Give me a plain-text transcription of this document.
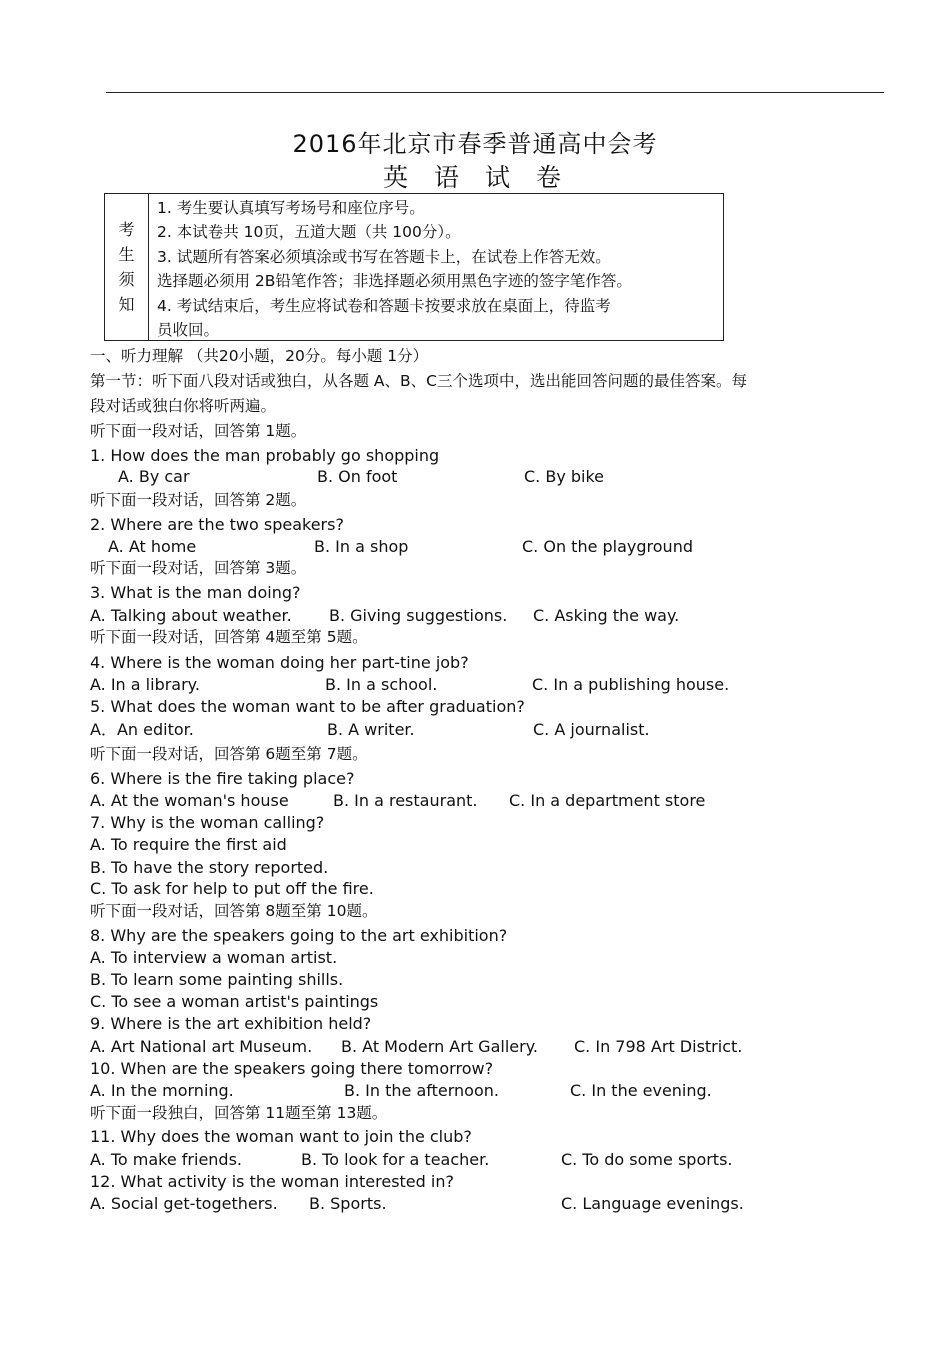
2016年北京市春季普通高中会考
英语试卷
考
生
须
知
1. 考生要认真填写考场号和座位序号。
2. 本试卷共 10页，五道大题（共 100分）。
3. 试题所有答案必须填涂或书写在答题卡上，在试卷上作答无效。
选择题必须用 2B铅笔作答；非选择题必须用黑色字迹的签字笔作答。
4. 考试结束后，考生应将试卷和答题卡按要求放在桌面上，待监考
员收回。
一、听力理解 （共20小题，20分。每小题 1分）
第一节：听下面八段对话或独白，从各题 A、B、C三个选项中，选出能回答问题的最佳答案。每
段对话或独白你将听两遍。
听下面一段对话，回答第 1题。
1. How does the man probably go shopping
A. By car	B. On foot	C. By bike
听下面一段对话，回答第 2题。
2. Where are the two speakers?
A. At home	B. In a shop	C. On the playground
听下面一段对话，回答第 3题。
3. What is the man doing?
A. Talking about weather. B. Giving suggestions. C. Asking the way.
听下面一段对话，回答第 4题至第 5题。
4. Where is the woman doing her part-tine job?
A. In a library.	B. In a school.	C. In a publishing house.
5. What does the woman want to be after graduation?
A．An editor.	B. A writer.	C. A journalist.
听下面一段对话，回答第 6题至第 7题。
6. Where is the fire taking place?
A. At the woman's house	B. In a restaurant. C. In a department store
7. Why is the woman calling?
A. To require the first aid
B. To have the story reported.
C. To ask for help to put off the fire.
听下面一段对话，回答第 8题至第 10题。
8. Why are the speakers going to the art exhibition?
A. To interview a woman artist.
B. To learn some painting shills.
C. To see a woman artist's paintings
9. Where is the art exhibition held?
A. Art National art Museum. B. At Modern Art Gallery. C. In 798 Art District.
10. When are the speakers going there tomorrow?
A. In the morning.	B. In the afternoon.	C. In the evening.
听下面一段独白，回答第 11题至第 13题。
11. Why does the woman want to join the club?
A. To make friends.	B. To look for a teacher.	C. To do some sports.
12. What activity is the woman interested in?
A. Social get-togethers. B. Sports.	C. Language evenings.
